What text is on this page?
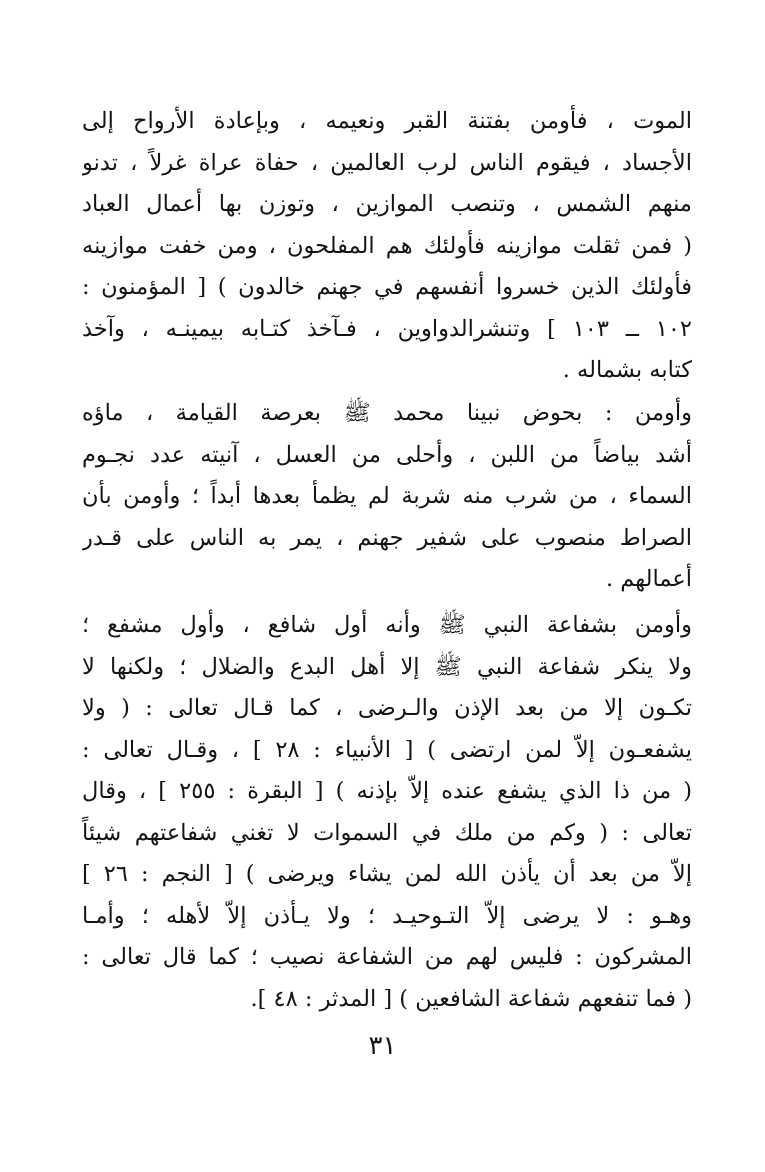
الموت ، فأومن بفتنة القبر ونعيمه ، وبإعادة الأرواح إلى
الأجساد ، فيقوم الناس لرب العالمين ، حفاة عراة غرلاً ، تدنو
منهم الشمس ، وتنصب الموازين ، وتوزن بها أعمال العباد
( فمن ثقلت موازينه فأولئك هم المفلحون ، ومن خفت موازينه
فأولئك الذين خسروا أنفسهم في جهنم خالدون ) [ المؤمنون :
١٠٢ ــ ١٠٣ ] وتنشرالدواوين ، فـآخذ كتـابه بيمينـه ، وآخذ
كتابه بشماله .
وأومن : بحوض نبينا محمد ﷺ بعرصة القيامة ، ماؤه
أشد بياضاً من اللبن ، وأحلى من العسل ، آنيته عدد نجـوم
السماء ، من شرب منه شربة لم يظمأ بعدها أبداً ؛ وأومن بأن
الصراط منصوب على شفير جهنم ، يمر به الناس على قـدر
أعمالهم .
وأومن بشفاعة النبي ﷺ وأنه أول شافع ، وأول مشفع ؛
ولا ينكر شفاعة النبي ﷺ إلا أهل البدع والضلال ؛ ولكنها لا
تكـون إلا من بعد الإذن والـرضى ، كما قـال تعالى : ( ولا
يشفعـون إلاّ لمن ارتضى ) [ الأنبياء : ٢٨ ] ، وقـال تعالى :
( من ذا الذي يشفع عنده إلاّ بإذنه ) [ البقرة : ٢٥٥ ] ، وقال
تعالى : ( وكم من ملك في السموات لا تغني شفاعتهم شيئاً
إلاّ من بعد أن يأذن الله لمن يشاء ويرضى ) [ النجم : ٢٦ ]
وهـو : لا يرضى إلاّ التـوحيـد ؛ ولا يـأذن إلاّ لأهله ؛ وأمـا
المشركون : فليس لهم من الشفاعة نصيب ؛ كما قال تعالى :
( فما تنفعهم شفاعة الشافعين ) [ المدثر : ٤٨ ].
٣١
